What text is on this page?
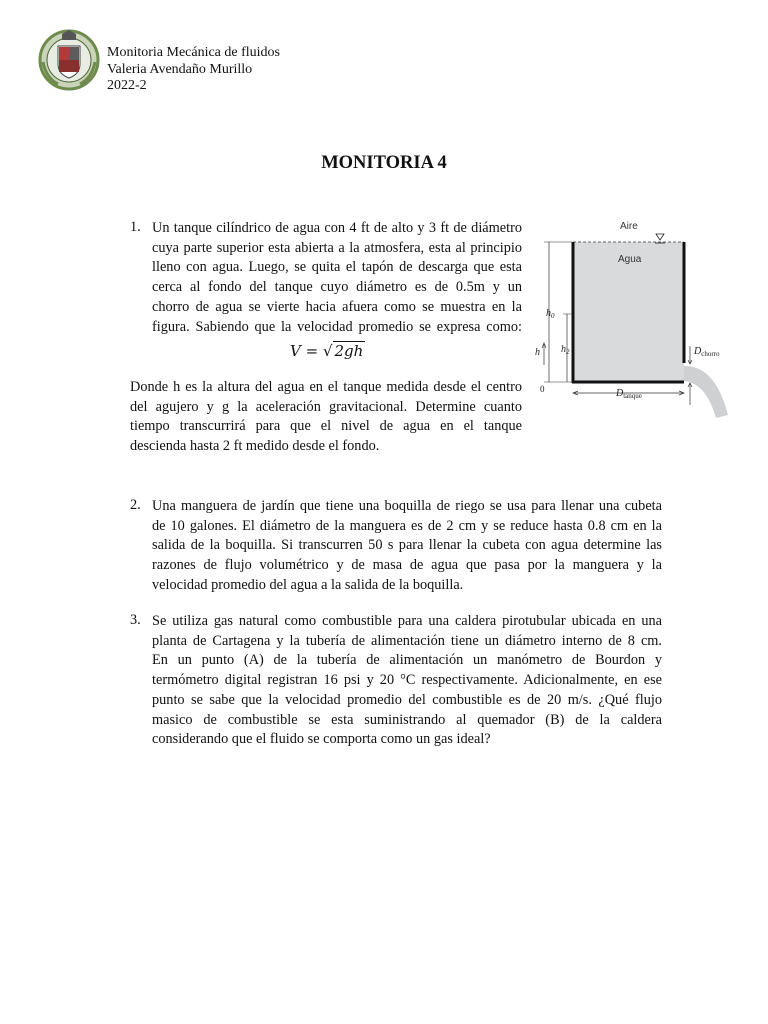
Monitoria Mecánica de fluidos
Valeria Avendaño Murillo
2022-2
MONITORIA 4
1. Un tanque cilíndrico de agua con 4 ft de alto y 3 ft de diámetro
cuya parte superior esta abierta a la atmosfera, esta al principio
lleno con agua. Luego, se quita el tapón de descarga que esta
cerca al fondo del tanque cuyo diámetro es de 0.5m y un
chorro de agua se vierte hacia afuera como se muestra en la
figura. Sabiendo que la velocidad promedio se expresa como:
V = √ 2gh
Donde h es la altura del agua en el tanque medida desde el centro
del agujero y g la aceleración gravitacional. Determine cuanto
tiempo transcurrirá para que el nivel de agua en el tanque
descienda hasta 2 ft medido desde el fondo.
Aire
Agua
$h_0$
$h_2$
h
0
$D_{chorro}$
$D_{tanque}$
2. Una manguera de jardín que tiene una boquilla de riego se usa para llenar una cubeta
de 10 galones. El diámetro de la manguera es de 2 cm y se reduce hasta 0.8 cm en la
salida de la boquilla. Si transcurren 50 s para llenar la cubeta con agua determine las
razones de flujo volumétrico y de masa de agua que pasa por la manguera y la
velocidad promedio del agua a la salida de la boquilla.
3. Se utiliza gas natural como combustible para una caldera pirotubular ubicada en una
planta de Cartagena y la tubería de alimentación tiene un diámetro interno de 8 cm.
En un punto (A) de la tubería de alimentación un manómetro de Bourdon y
termómetro digital registran 16 psi y 20 °C respectivamente. Adicionalmente, en ese
punto se sabe que la velocidad promedio del combustible es de 20 m/s. ¿Qué flujo
masico de combustible se esta suministrando al quemador (B) de la caldera
considerando que el fluido se comporta como un gas ideal?
